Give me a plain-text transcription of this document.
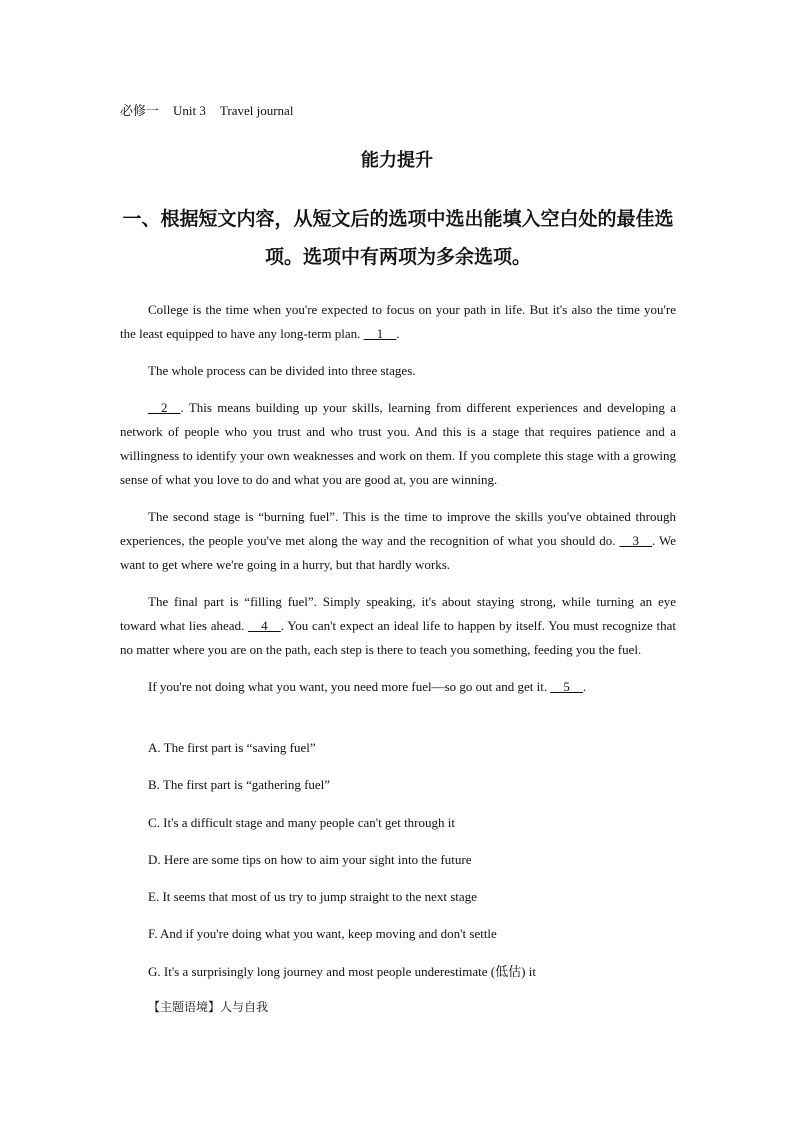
必修一 Unit 3 Travel journal
能力提升
一、根据短文内容，从短文后的选项中选出能填入空白处的最佳选项。选项中有两项为多余选项。

College is the time when you're expected to focus on your path in life. But it's also the time you're the least equipped to have any long-term plan. __1__.

The whole process can be divided into three stages.

__2__. This means building up your skills, learning from different experiences and developing a network of people who you trust and who trust you. And this is a stage that requires patience and a willingness to identify your own weaknesses and work on them. If you complete this stage with a growing sense of what you love to do and what you are good at, you are winning.

The second stage is “burning fuel”. This is the time to improve the skills you've obtained through experiences, the people you've met along the way and the recognition of what you should do. __3__. We want to get where we're going in a hurry, but that hardly works.

The final part is “filling fuel”. Simply speaking, it's about staying strong, while turning an eye toward what lies ahead. __4__. You can't expect an ideal life to happen by itself. You must recognize that no matter where you are on the path, each step is there to teach you something, feeding you the fuel.

If you're not doing what you want, you need more fuel—so go out and get it. __5__.

A. The first part is “saving fuel”
B. The first part is “gathering fuel”
C. It's a difficult stage and many people can't get through it
D. Here are some tips on how to aim your sight into the future
E. It seems that most of us try to jump straight to the next stage
F. And if you're doing what you want, keep moving and don't settle
G. It's a surprisingly long journey and most people underestimate (低估) it
【主题语境】人与自我
